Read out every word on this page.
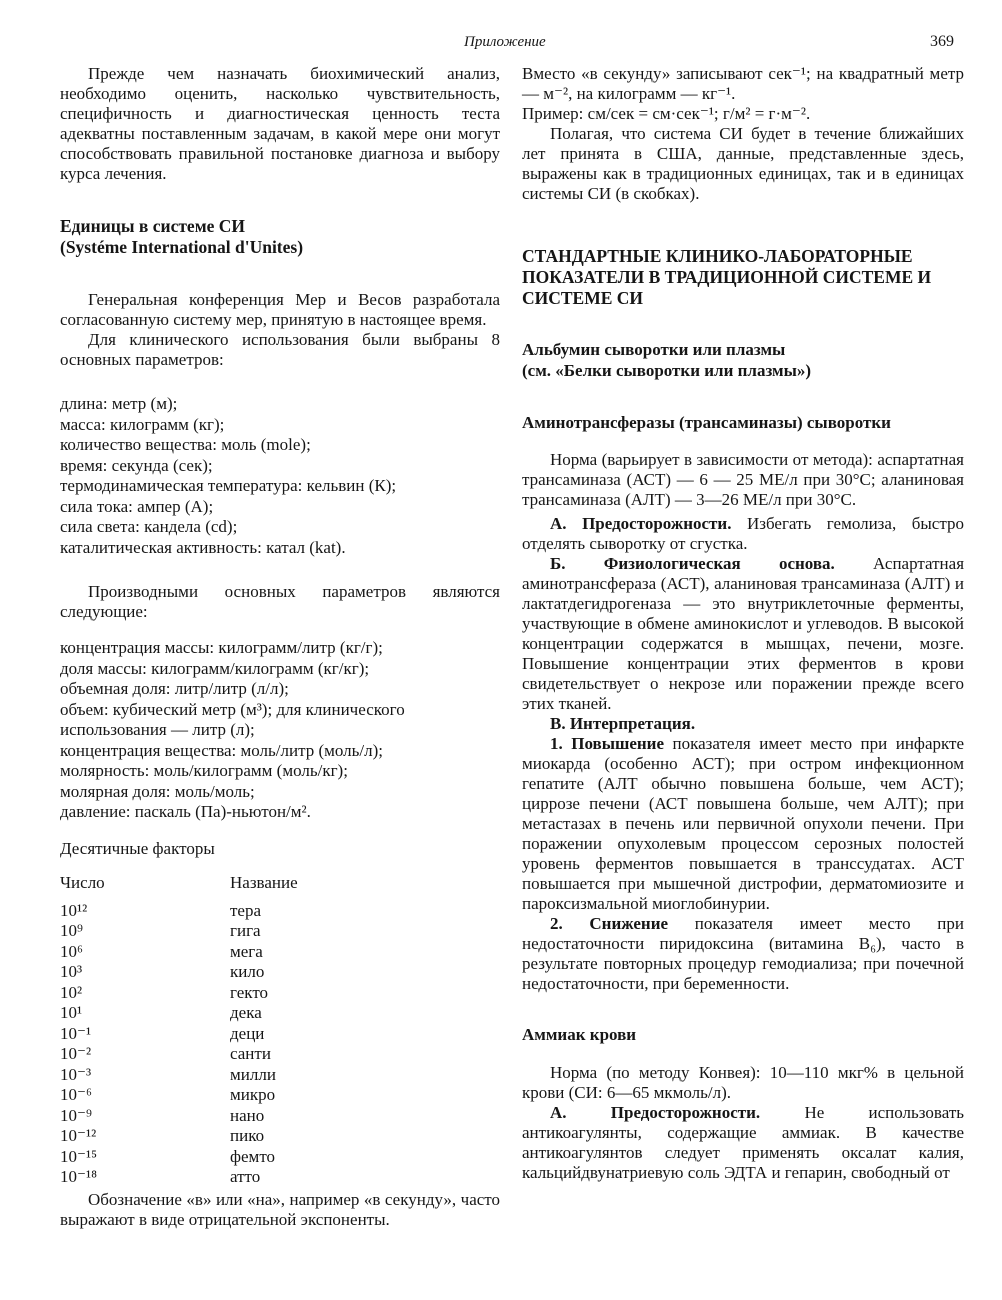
Приложение	369

Прежде чем назначать биохимический анализ, необходимо оценить, насколько чувствительность, специфичность и диагностическая ценность теста адекватны поставленным задачам, в какой мере они могут способствовать правильной постановке диагноза и выбору курса лечения.

Единицы в системе СИ
(Systéme International d'Unites)

Генеральная конференция Мер и Весов разработала согласованную систему мер, принятую в настоящее время.

Для клинического использования были выбраны 8 основных параметров:

длина: метр (м);
масса: килограмм (кг);
количество вещества: моль (mole);
время: секунда (сек);
термодинамическая температура: кельвин (К);
сила тока: ампер (А);
сила света: кандела (cd);
каталитическая активность: катал (kat).

Производными основных параметров являются следующие:

концентрация массы: килограмм/литр (кг/г);
доля массы: килограмм/килограмм (кг/кг);
объемная доля: литр/литр (л/л);
объем: кубический метр (м³); для клинического использования — литр (л);
концентрация вещества: моль/литр (моль/л);
молярность: моль/килограмм (моль/кг);
молярная доля: моль/моль;
давление: паскаль (Па)-ньютон/м².
Десятичные факторы
Число	Название
10¹²	тера
10⁹	гига
10⁶	мега
10³	кило
10²	гекто
10¹	дека
10⁻¹	деци
10⁻²	санти
10⁻³	милли
10⁻⁶	микро
10⁻⁹	нано
10⁻¹²	пико
10⁻¹⁵	фемто
10⁻¹⁸	атто

Обозначение «в» или «на», например «в секунду», часто выражают в виде отрицательной экспоненты.

Вместо «в секунду» записывают сек⁻¹; на квадратный метр — м⁻², на килограмм — кг⁻¹.

Пример: см/сек = см·сек⁻¹; г/м² = г·м⁻².

Полагая, что система СИ будет в течение ближайших лет принята в США, данные, представленные здесь, выражены как в традиционных единицах, так и в единицах системы СИ (в скобках).

СТАНДАРТНЫЕ КЛИНИКО-ЛАБОРАТОРНЫЕ ПОКАЗАТЕЛИ В ТРАДИЦИОННОЙ СИСТЕМЕ И СИСТЕМЕ СИ
Альбумин сыворотки или плазмы
(см. «Белки сыворотки или плазмы»)
Аминотрансферазы (трансаминазы) сыворотки

Норма (варьирует в зависимости от метода): аспартатная трансаминаза (АСТ) — 6 — 25 МЕ/л при 30°С; аланиновая трансаминаза (АЛТ) — 3—26 МЕ/л при 30°С.

А. Предосторожности. Избегать гемолиза, быстро отделять сыворотку от сгустка.

Б. Физиологическая основа. Аспартатная аминотрансфераза (АСТ), аланиновая трансаминаза (АЛТ) и лактатдегидрогеназа — это внутриклеточные ферменты, участвующие в обмене аминокислот и углеводов. В высокой концентрации содержатся в мышцах, печени, мозге. Повышение концентрации этих ферментов в крови свидетельствует о некрозе или поражении прежде всего этих тканей.

В. Интерпретация.

1. Повышение показателя имеет место при инфаркте миокарда (особенно АСТ); при остром инфекционном гепатите (АЛТ обычно повышена больше, чем АСТ); циррозе печени (АСТ повышена больше, чем АЛТ); при метастазах в печень или первичной опухоли печени. При поражении опухолевым процессом серозных полостей уровень ферментов повышается в транссудатах. АСТ повышается при мышечной дистрофии, дерматомиозите и пароксизмальной миоглобинурии.

2. Снижение показателя имеет место при недостаточности пиридоксина (витамина B₆), часто в результате повторных процедур гемодиализа; при почечной недостаточности, при беременности.

Аммиак крови

Норма (по методу Конвея): 10—110 мкг% в цельной крови (СИ: 6—65 мкмоль/л).

А. Предосторожности. Не использовать антикоагулянты, содержащие аммиак. В качестве антикоагулянтов следует применять оксалат калия, кальцийдвунатриевую соль ЭДТА и гепарин, свободный от
